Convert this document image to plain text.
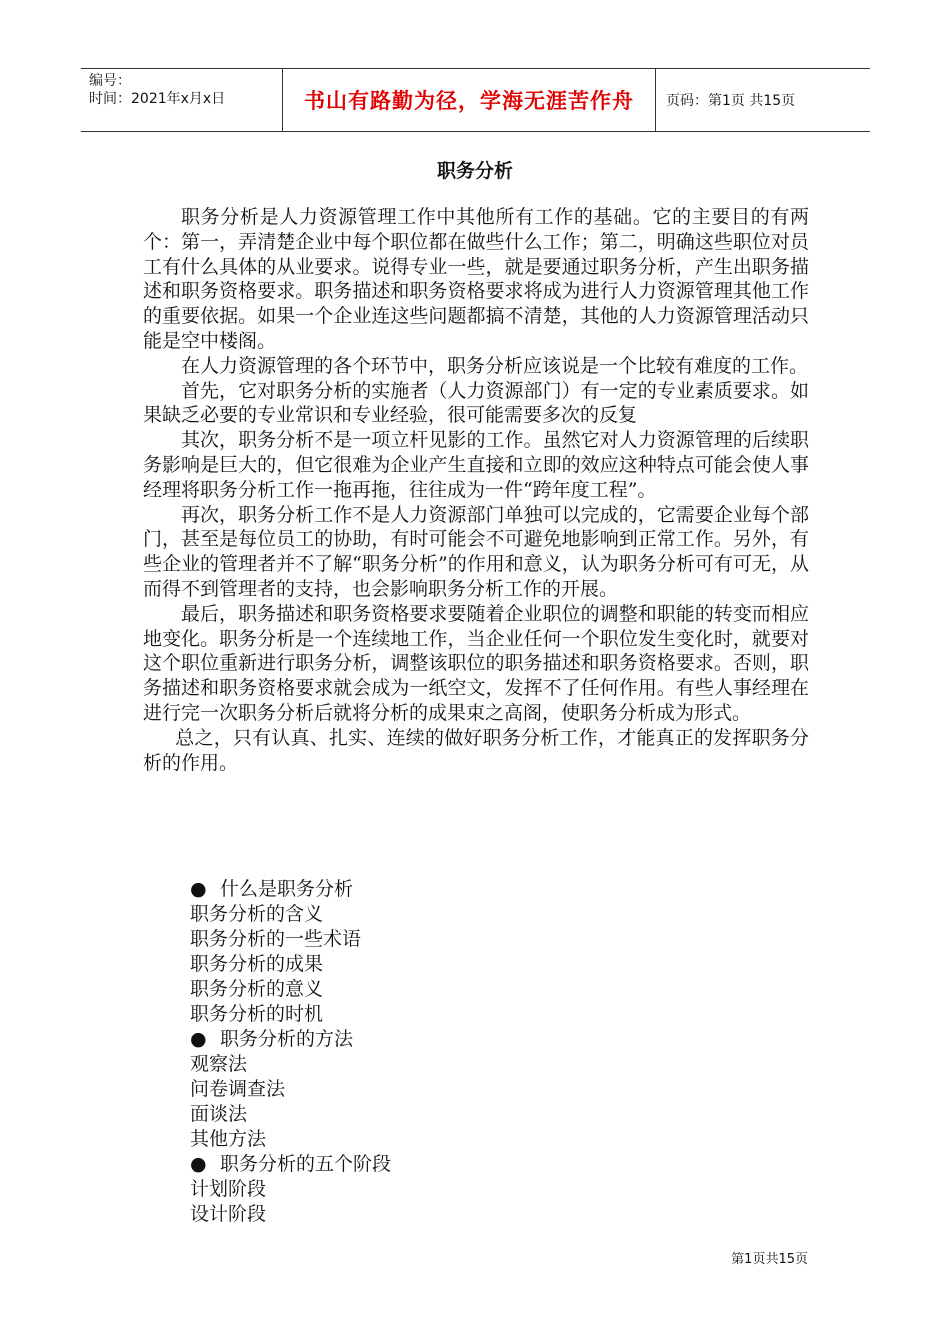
编号：
时间：2021年x月x日	书山有路勤为径，学海无涯苦作舟	页码：第1页 共15页
职务分析

职务分析是人力资源管理工作中其他所有工作的基础。它的主要目的有两个：第一，弄清楚企业中每个职位都在做些什么工作；第二，明确这些职位对员工有什么具体的从业要求。说得专业一些，就是要通过职务分析，产生出职务描述和职务资格要求。职务描述和职务资格要求将成为进行人力资源管理其他工作的重要依据。如果一个企业连这些问题都搞不清楚，其他的人力资源管理活动只能是空中楼阁。

在人力资源管理的各个环节中，职务分析应该说是一个比较有难度的工作。

首先，它对职务分析的实施者（人力资源部门）有一定的专业素质要求。如果缺乏必要的专业常识和专业经验，很可能需要多次的反复

其次，职务分析不是一项立杆见影的工作。虽然它对人力资源管理的后续职务影响是巨大的，但它很难为企业产生直接和立即的效应这种特点可能会使人事经理将职务分析工作一拖再拖，往往成为一件“跨年度工程”。

再次，职务分析工作不是人力资源部门单独可以完成的，它需要企业每个部门，甚至是每位员工的协助，有时可能会不可避免地影响到正常工作。另外，有些企业的管理者并不了解“职务分析”的作用和意义，认为职务分析可有可无，从而得不到管理者的支持，也会影响职务分析工作的开展。

最后，职务描述和职务资格要求要随着企业职位的调整和职能的转变而相应地变化。职务分析是一个连续地工作，当企业任何一个职位发生变化时，就要对这个职位重新进行职务分析，调整该职位的职务描述和职务资格要求。否则，职务描述和职务资格要求就会成为一纸空文，发挥不了任何作用。有些人事经理在进行完一次职务分析后就将分析的成果束之高阁，使职务分析成为形式。

总之，只有认真、扎实、连续的做好职务分析工作，才能真正的发挥职务分析的作用。

● 什么是职务分析
职务分析的含义
职务分析的一些术语
职务分析的成果
职务分析的意义
职务分析的时机
● 职务分析的方法
观察法
问卷调查法
面谈法
其他方法
● 职务分析的五个阶段
计划阶段
设计阶段
第1页共15页
